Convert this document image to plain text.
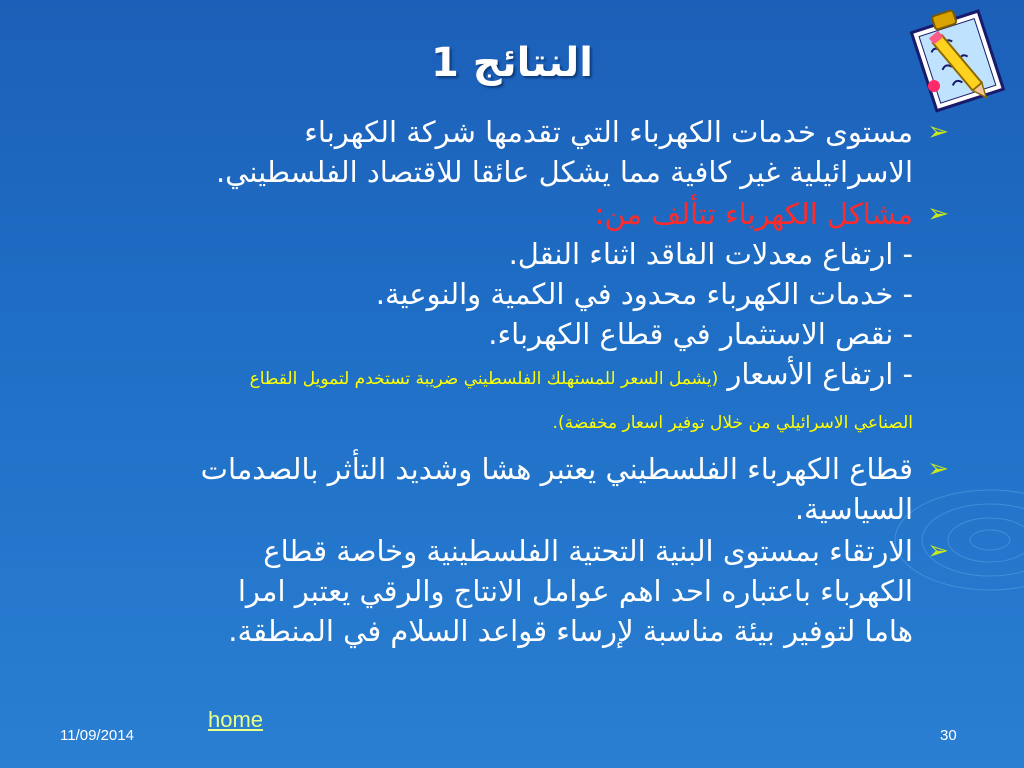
النتائج 1
➢
مستوى خدمات الكهرباء التي تقدمها شركة الكهرباء
الاسرائيلية غير كافية مما يشكل عائقا للاقتصاد الفلسطيني.
➢
مشاكل الكهرباء تتألف من:
- ارتفاع معدلات الفاقد اثناء النقل.
- خدمات الكهرباء محدود في الكمية والنوعية.
- نقص الاستثمار في قطاع الكهرباء.
- ارتفاع الأسعار (يشمل السعر للمستهلك الفلسطيني ضريبة تستخدم لتمويل القطاع
الصناعي الاسرائيلي من خلال توفير اسعار مخفضة).
➢
قطاع الكهرباء الفلسطيني يعتبر هشا وشديد التأثر بالصدمات
السياسية.
➢
الارتقاء بمستوى البنية التحتية الفلسطينية وخاصة قطاع
الكهرباء باعتباره احد اهم عوامل الانتاج والرقي يعتبر امرا
هاما لتوفير بيئة مناسبة لإرساء قواعد السلام في المنطقة.
home
11/09/2014	30
